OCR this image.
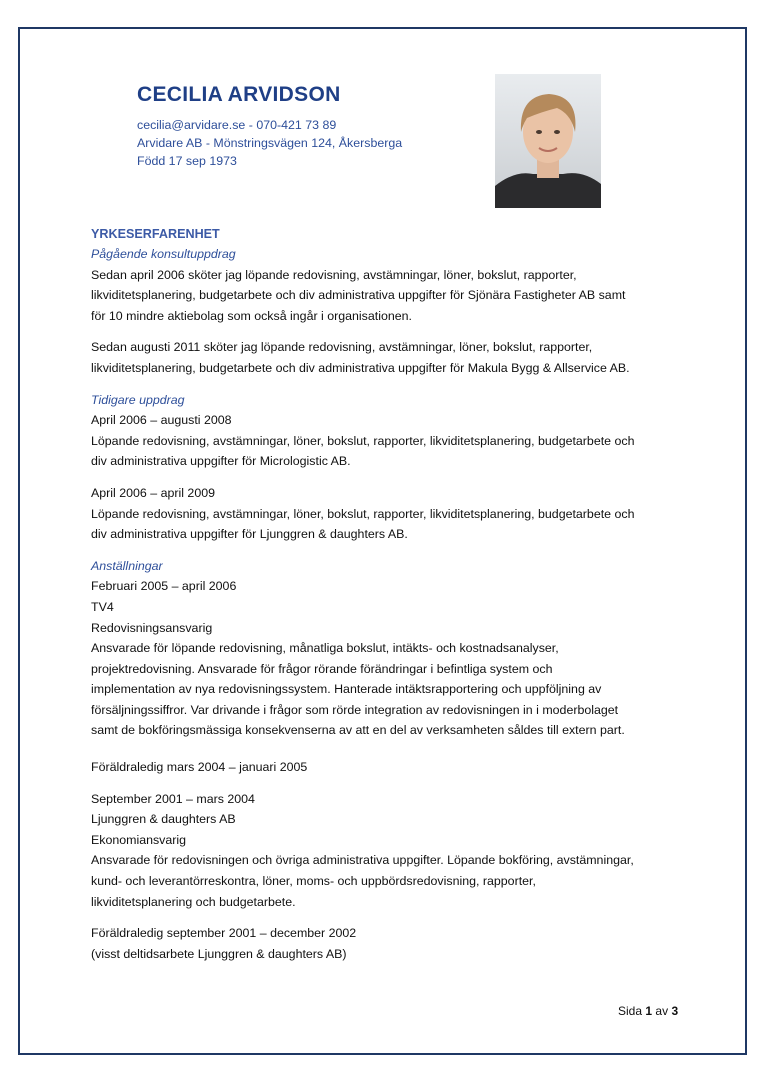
CECILIA ARVIDSON
cecilia@arvidare.se - 070-421 73 89
Arvidare AB - Mönstringsvägen 124, Åkersberga
Född 17 sep 1973
YRKESERFARENHET
Pågående konsultuppdrag

Sedan april 2006 sköter jag löpande redovisning, avstämningar, löner, bokslut, rapporter,
likviditetsplanering, budgetarbete och div administrativa uppgifter för Sjönära Fastigheter AB samt
för 10 mindre aktiebolag som också ingår i organisationen.

Sedan augusti 2011 sköter jag löpande redovisning, avstämningar, löner, bokslut, rapporter,
likviditetsplanering, budgetarbete och div administrativa uppgifter för Makula Bygg & Allservice AB.

Tidigare uppdrag

April 2006 – augusti 2008
Löpande redovisning, avstämningar, löner, bokslut, rapporter, likviditetsplanering, budgetarbete och
div administrativa uppgifter för Micrologistic AB.

April 2006 – april 2009
Löpande redovisning, avstämningar, löner, bokslut, rapporter, likviditetsplanering, budgetarbete och
div administrativa uppgifter för Ljunggren & daughters AB.

Anställningar

Februari 2005 – april 2006
TV4
Redovisningsansvarig
Ansvarade för löpande redovisning, månatliga bokslut, intäkts- och kostnadsanalyser,
projektredovisning. Ansvarade för frågor rörande förändringar i befintliga system och
implementation av nya redovisningssystem. Hanterade intäktsrapportering och uppföljning av
försäljningssiffror. Var drivande i frågor som rörde integration av redovisningen in i moderbolaget
samt de bokföringsmässiga konsekvenserna av att en del av verksamheten såldes till extern part.

Föräldraledig mars 2004 – januari 2005

September 2001 – mars 2004
Ljunggren & daughters AB
Ekonomiansvarig
Ansvarade för redovisningen och övriga administrativa uppgifter. Löpande bokföring, avstämningar,
kund- och leverantörreskontra, löner, moms- och uppbördsredovisning, rapporter,
likviditetsplanering och budgetarbete.

Föräldraledig september 2001 – december 2002
(visst deltidsarbete Ljunggren & daughters AB)

Sida 1 av 3
